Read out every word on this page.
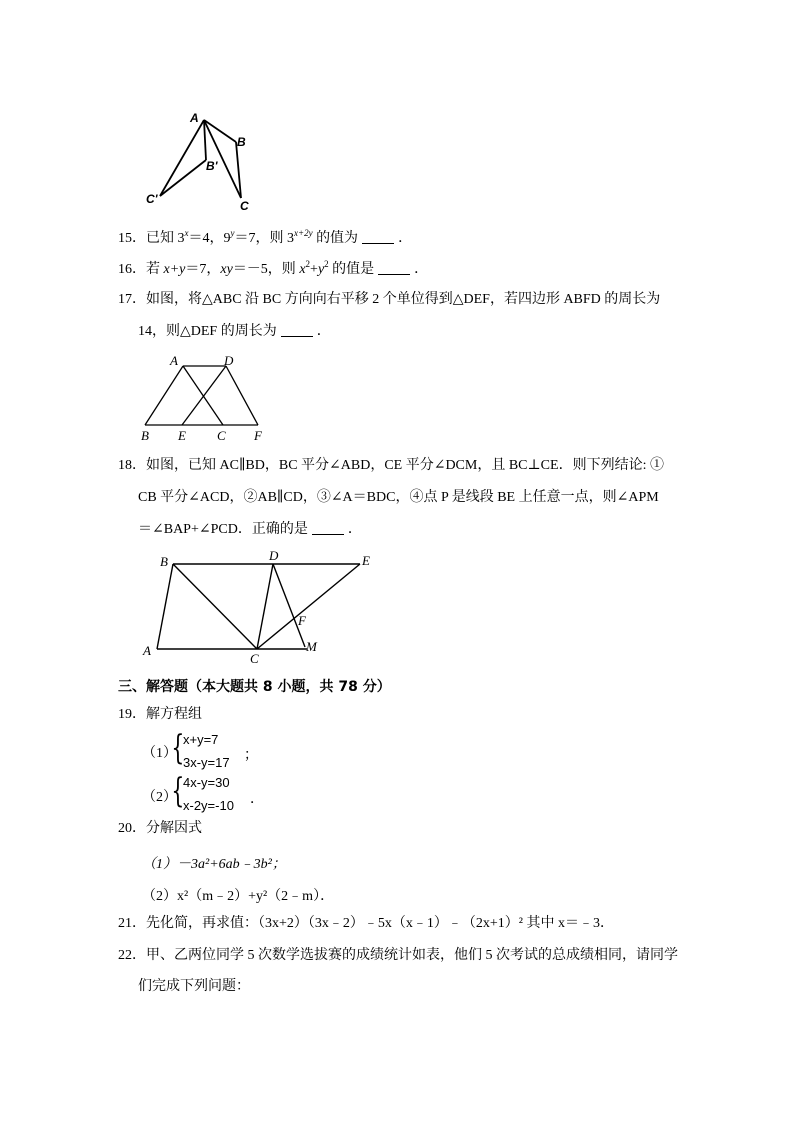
A
B
B'
C'	C
15．已知 $3^x=4$，$9^y=7$，则 $3^{x+2y}$ 的值为	．
16．若 x+y＝7，xy＝－5，则 $x^2+y^2$ 的值是	．
17．如图，将△ABC 沿 BC 方向向右平移 2 个单位得到△DEF，若四边形 ABFD 的周长为
14，则△DEF 的周长为	．
A	D
B E C F
18．如图，已知 AC∥BD，BC 平分∠ABD，CE 平分∠DCM，且 BC⊥CE．则下列结论: ①
CB 平分∠ACD，②AB∥CD，③∠A＝BDC，④点 P 是线段 BE 上任意一点，则∠APM
＝∠BAP+∠PCD．正确的是	．
B	D	E
F
A
C
M
三、解答题（本大题共 8 小题，共 78 分）
19．解方程组
（1）
{
x+y=7
3x-y=17 ；
（2）
{
4x-y=30
x-2y=-10 ．
20．分解因式
（1）－3a²+6ab﹣3b²；
（2）x²（m﹣2）+y²（2﹣m）．
21．先化简，再求值：（3x+2）（3x﹣2）﹣5x（x﹣1）﹣（2x+1）² 其中 x＝﹣3．
22．甲、乙两位同学 5 次数学选拔赛的成绩统计如表，他们 5 次考试的总成绩相同，请同学
们完成下列问题：
